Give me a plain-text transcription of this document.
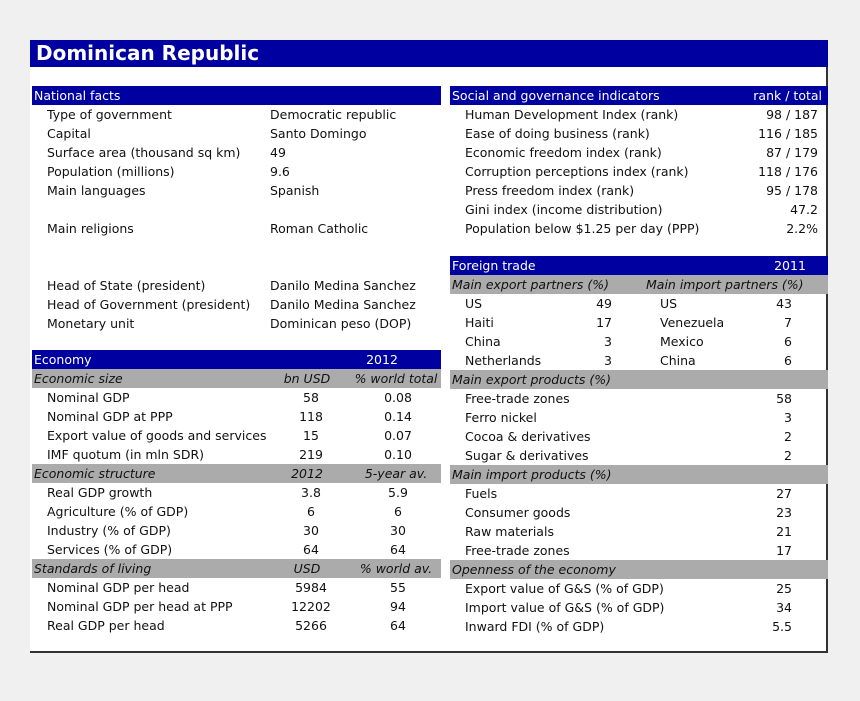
Dominican Republic
National facts
Type of government	Democratic republic
Capital	Santo Domingo
Surface area (thousand sq km)	49
Population (millions)	9.6
Main languages	Spanish
Main religions	Roman Catholic
Head of State (president)	Danilo Medina Sanchez
Head of Government (president)	Danilo Medina Sanchez
Monetary unit	Dominican peso (DOP)
Economy	2012
Economic size	bn USD	% world total
Nominal GDP	58	0.08
Nominal GDP at PPP	118	0.14
Export value of goods and services	15	0.07
IMF quotum (in mln SDR)	219	0.10
Economic structure	2012	5-year av.
Real GDP growth	3.8	5.9
Agriculture (% of GDP)	6	6
Industry (% of GDP)	30	30
Services (% of GDP)	64	64
Standards of living	USD	% world av.
Nominal GDP per head	5984	55
Nominal GDP per head at PPP	12202	94
Real GDP per head	5266	64
Social and governance indicators	rank / total
Human Development Index (rank)	98 / 187
Ease of doing business (rank)	116 / 185
Economic freedom index (rank)	87 / 179
Corruption perceptions index (rank)	118 / 176
Press freedom index (rank)	95 / 178
Gini index (income distribution)	47.2
Population below $1.25 per day (PPP)	2.2%
Foreign trade	2011
Main export partners (%)	Main import partners (%)
US	49	US	43
Haiti	17	Venezuela	7
China	3	Mexico	6
Netherlands	3	China	6
Main export products (%)
Free-trade zones	58
Ferro nickel	3
Cocoa & derivatives	2
Sugar & derivatives	2
Main import products (%)
Fuels	27
Consumer goods	23
Raw materials	21
Free-trade zones	17
Openness of the economy
Export value of G&S (% of GDP)	25
Import value of G&S (% of GDP)	34
Inward FDI (% of GDP)	5.5
